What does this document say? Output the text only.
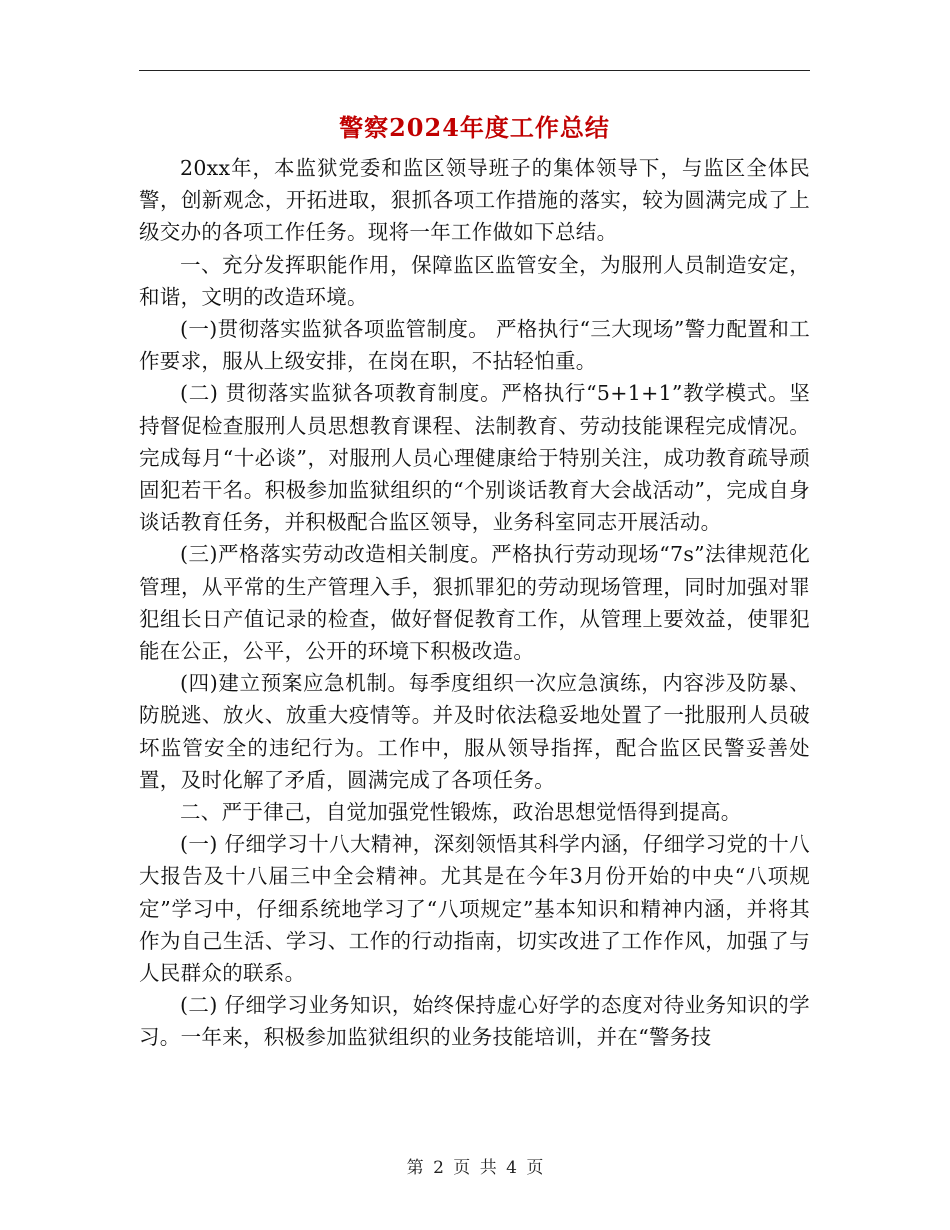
警察2024年度工作总结

20xx年，本监狱党委和监区领导班子的集体领导下，与监区全体民警，创新观念，开拓进取，狠抓各项工作措施的落实，较为圆满完成了上级交办的各项工作任务。现将一年工作做如下总结。

一、充分发挥职能作用，保障监区监管安全，为服刑人员制造安定，和谐，文明的改造环境。

(一)贯彻落实监狱各项监管制度。 严格执行“三大现场”警力配置和工作要求，服从上级安排，在岗在职，不拈轻怕重。

(二) 贯彻落实监狱各项教育制度。严格执行“5+1+1”教学模式。坚持督促检查服刑人员思想教育课程、法制教育、劳动技能课程完成情况。完成每月“十必谈”，对服刑人员心理健康给于特别关注，成功教育疏导顽固犯若干名。积极参加监狱组织的“个别谈话教育大会战活动”，完成自身谈话教育任务，并积极配合监区领导，业务科室同志开展活动。

(三)严格落实劳动改造相关制度。严格执行劳动现场“7s”法律规范化管理，从平常的生产管理入手，狠抓罪犯的劳动现场管理，同时加强对罪犯组长日产值记录的检查，做好督促教育工作，从管理上要效益，使罪犯能在公正，公平，公开的环境下积极改造。

(四)建立预案应急机制。每季度组织一次应急演练，内容涉及防暴、防脱逃、放火、放重大疫情等。并及时依法稳妥地处置了一批服刑人员破坏监管安全的违纪行为。工作中，服从领导指挥，配合监区民警妥善处置，及时化解了矛盾，圆满完成了各项任务。

二、严于律己，自觉加强党性锻炼，政治思想觉悟得到提高。

(一) 仔细学习十八大精神，深刻领悟其科学内涵，仔细学习党的十八大报告及十八届三中全会精神。尤其是在今年3月份开始的中央“八项规定”学习中，仔细系统地学习了“八项规定”基本知识和精神内涵，并将其作为自己生活、学习、工作的行动指南，切实改进了工作作风，加强了与人民群众的联系。

(二) 仔细学习业务知识，始终保持虚心好学的态度对待业务知识的学习。一年来，积极参加监狱组织的业务技能培训，并在“警务技

第 2 页 共 4 页
